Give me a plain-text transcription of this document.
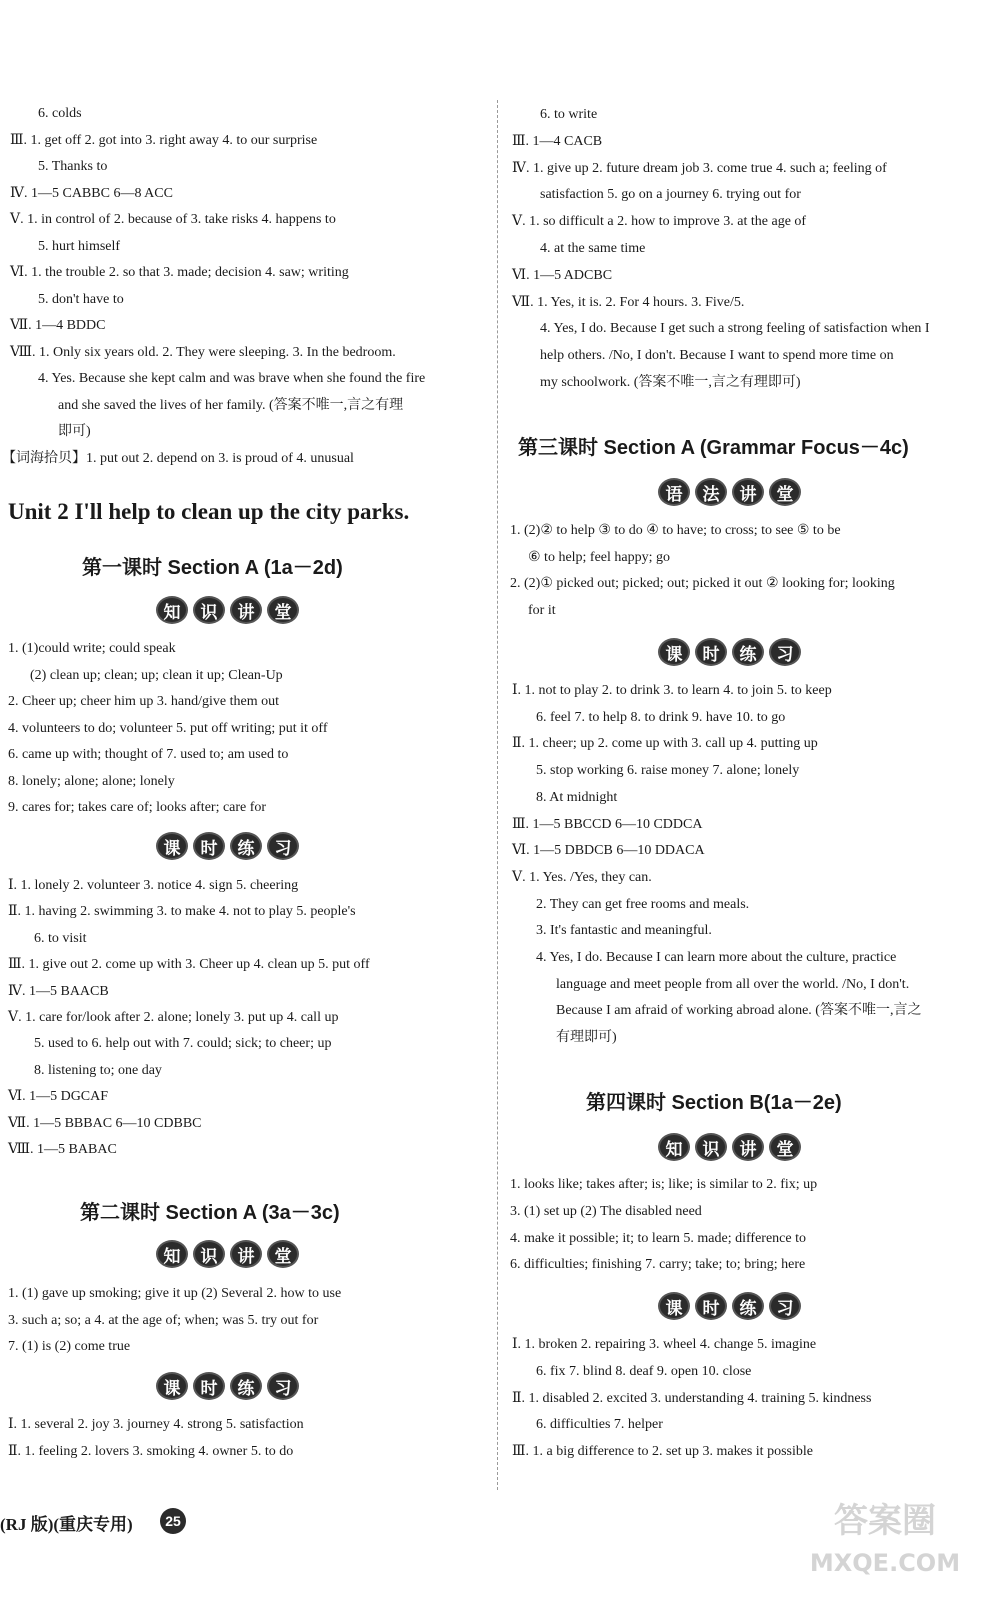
6. colds
Ⅲ. 1. get off 2. got into 3. right away 4. to our surprise
5. Thanks to
Ⅳ. 1—5 CABBC 6—8 ACC
Ⅴ. 1. in control of 2. because of 3. take risks 4. happens to
5. hurt himself
Ⅵ. 1. the trouble 2. so that 3. made; decision 4. saw; writing
5. don't have to
Ⅶ. 1—4 BDDC
Ⅷ. 1. Only six years old. 2. They were sleeping. 3. In the bedroom.
4. Yes. Because she kept calm and was brave when she found the fire
and she saved the lives of her family. (答案不唯一,言之有理
即可)
【词海拾贝】1. put out 2. depend on 3. is proud of 4. unusual
Unit 2 I'll help to clean up the city parks.
第一课时 Section A (1a－2d)
知	识	讲	堂
1. (1)could write; could speak
(2) clean up; clean; up; clean it up; Clean-Up
2. Cheer up; cheer him up 3. hand/give them out
4. volunteers to do; volunteer 5. put off writing; put it off
6. came up with; thought of 7. used to; am used to
8. lonely; alone; alone; lonely
9. cares for; takes care of; looks after; care for
课	时	练	习
Ⅰ. 1. lonely 2. volunteer 3. notice 4. sign 5. cheering
Ⅱ. 1. having 2. swimming 3. to make 4. not to play 5. people's
6. to visit
Ⅲ. 1. give out 2. come up with 3. Cheer up 4. clean up 5. put off
Ⅳ. 1—5 BAACB
Ⅴ. 1. care for/look after 2. alone; lonely 3. put up 4. call up
5. used to 6. help out with 7. could; sick; to cheer; up
8. listening to; one day
Ⅵ. 1—5 DGCAF
Ⅶ. 1—5 BBBAC 6—10 CDBBC
Ⅷ. 1—5 BABAC
第二课时 Section A (3a－3c)
知	识	讲	堂
1. (1) gave up smoking; give it up (2) Several 2. how to use
3. such a; so; a 4. at the age of; when; was 5. try out for
7. (1) is (2) come true
课	时	练	习
Ⅰ. 1. several 2. joy 3. journey 4. strong 5. satisfaction
Ⅱ. 1. feeling 2. lovers 3. smoking 4. owner 5. to do
6. to write
Ⅲ. 1—4 CACB
Ⅳ. 1. give up 2. future dream job 3. come true 4. such a; feeling of
satisfaction 5. go on a journey 6. trying out for
Ⅴ. 1. so difficult a 2. how to improve 3. at the age of
4. at the same time
Ⅵ. 1—5 ADCBC
Ⅶ. 1. Yes, it is. 2. For 4 hours. 3. Five/5.
4. Yes, I do. Because I get such a strong feeling of satisfaction when I
help others. /No, I don't. Because I want to spend more time on
my schoolwork. (答案不唯一,言之有理即可)
第三课时 Section A (Grammar Focus－4c)
语	法	讲	堂
1. (2)② to help ③ to do ④ to have; to cross; to see ⑤ to be
⑥ to help; feel happy; go
2. (2)① picked out; picked; out; picked it out ② looking for; looking
for it
课	时	练	习
Ⅰ. 1. not to play 2. to drink 3. to learn 4. to join 5. to keep
6. feel 7. to help 8. to drink 9. have 10. to go
Ⅱ. 1. cheer; up 2. come up with 3. call up 4. putting up
5. stop working 6. raise money 7. alone; lonely
8. At midnight
Ⅲ. 1—5 BBCCD 6—10 CDDCA
Ⅵ. 1—5 DBDCB 6—10 DDACA
Ⅴ. 1. Yes. /Yes, they can.
2. They can get free rooms and meals.
3. It's fantastic and meaningful.
4. Yes, I do. Because I can learn more about the culture, practice
language and meet people from all over the world. /No, I don't.
Because I am afraid of working abroad alone. (答案不唯一,言之
有理即可)
第四课时 Section B(1a－2e)
知	识	讲	堂
1. looks like; takes after; is; like; is similar to 2. fix; up
3. (1) set up (2) The disabled need
4. make it possible; it; to learn 5. made; difference to
6. difficulties; finishing 7. carry; take; to; bring; here
课	时	练	习
Ⅰ. 1. broken 2. repairing 3. wheel 4. change 5. imagine
6. fix 7. blind 8. deaf 9. open 10. close
Ⅱ. 1. disabled 2. excited 3. understanding 4. training 5. kindness
6. difficulties 7. helper
Ⅲ. 1. a big difference to 2. set up 3. makes it possible
(RJ 版)(重庆专用)	25	答案圈
MXQE.COM
